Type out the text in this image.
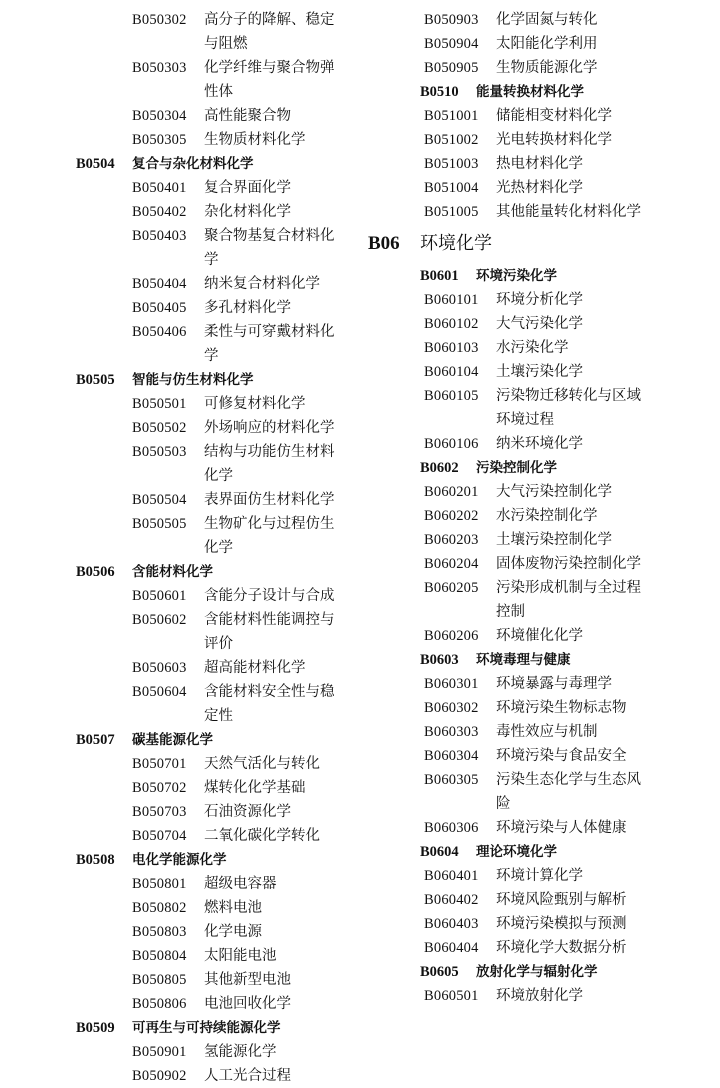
B050302	高分子的降解、稳定与阻燃
B050303	化学纤维与聚合物弹性体
B050304	高性能聚合物
B050305	生物质材料化学
B0504	复合与杂化材料化学
B050401	复合界面化学
B050402	杂化材料化学
B050403	聚合物基复合材料化学
B050404	纳米复合材料化学
B050405	多孔材料化学
B050406	柔性与可穿戴材料化学
B0505	智能与仿生材料化学
B050501	可修复材料化学
B050502	外场响应的材料化学
B050503	结构与功能仿生材料化学
B050504	表界面仿生材料化学
B050505	生物矿化与过程仿生化学
B0506	含能材料化学
B050601	含能分子设计与合成
B050602	含能材料性能调控与评价
B050603	超高能材料化学
B050604	含能材料安全性与稳定性
B0507	碳基能源化学
B050701	天然气活化与转化
B050702	煤转化化学基础
B050703	石油资源化学
B050704	二氧化碳化学转化
B0508	电化学能源化学
B050801	超级电容器
B050802	燃料电池
B050803	化学电源
B050804	太阳能电池
B050805	其他新型电池
B050806	电池回收化学
B0509	可再生与可持续能源化学
B050901	氢能源化学
B050902	人工光合过程
B050903	化学固氮与转化
B050904	太阳能化学利用
B050905	生物质能源化学
B0510	能量转换材料化学
B051001	储能相变材料化学
B051002	光电转换材料化学
B051003	热电材料化学
B051004	光热材料化学
B051005	其他能量转化材料化学
B06	环境化学
B0601	环境污染化学
B060101	环境分析化学
B060102	大气污染化学
B060103	水污染化学
B060104	土壤污染化学
B060105	污染物迁移转化与区域环境过程
B060106	纳米环境化学
B0602	污染控制化学
B060201	大气污染控制化学
B060202	水污染控制化学
B060203	土壤污染控制化学
B060204	固体废物污染控制化学
B060205	污染形成机制与全过程控制
B060206	环境催化化学
B0603	环境毒理与健康
B060301	环境暴露与毒理学
B060302	环境污染生物标志物
B060303	毒性效应与机制
B060304	环境污染与食品安全
B060305	污染生态化学与生态风险
B060306	环境污染与人体健康
B0604	理论环境化学
B060401	环境计算化学
B060402	环境风险甄别与解析
B060403	环境污染模拟与预测
B060404	环境化学大数据分析
B0605	放射化学与辐射化学
B060501	环境放射化学
